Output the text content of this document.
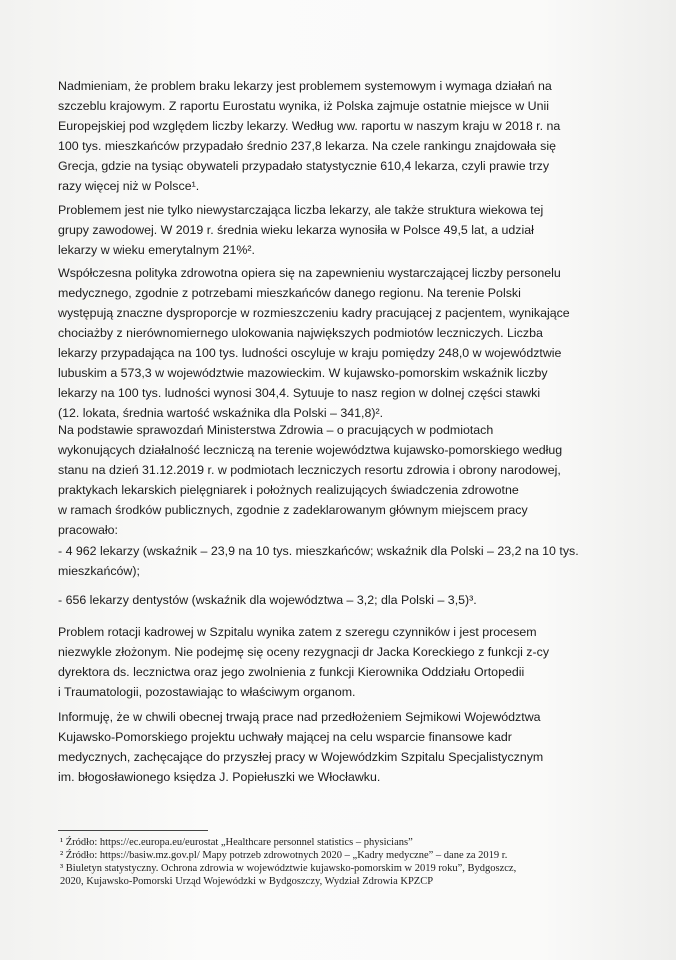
Nadmieniam, że problem braku lekarzy jest problemem systemowym i wymaga działań na
szczeblu krajowym. Z raportu Eurostatu wynika, iż Polska zajmuje ostatnie miejsce w Unii
Europejskiej pod względem liczby lekarzy. Według ww. raportu w naszym kraju w 2018 r. na
100 tys. mieszkańców przypadało średnio 237,8 lekarza. Na czele rankingu znajdowała się
Grecja, gdzie na tysiąc obywateli przypadało statystycznie 610,4 lekarza, czyli prawie trzy
razy więcej niż w Polsce¹.
Problemem jest nie tylko niewystarczająca liczba lekarzy, ale także struktura wiekowa tej
grupy zawodowej. W 2019 r. średnia wieku lekarza wynosiła w Polsce 49,5 lat, a udział
lekarzy w wieku emerytalnym 21%².
Współczesna polityka zdrowotna opiera się na zapewnieniu wystarczającej liczby personelu
medycznego, zgodnie z potrzebami mieszkańców danego regionu. Na terenie Polski
występują znaczne dysproporcje w rozmieszczeniu kadry pracującej z pacjentem, wynikające
chociażby z nierównomiernego ulokowania największych podmiotów leczniczych. Liczba
lekarzy przypadająca na 100 tys. ludności oscyluje w kraju pomiędzy 248,0 w województwie
lubuskim a 573,3 w województwie mazowieckim. W kujawsko-pomorskim wskaźnik liczby
lekarzy na 100 tys. ludności wynosi 304,4. Sytuuje to nasz region w dolnej części stawki
(12. lokata, średnia wartość wskaźnika dla Polski – 341,8)².
Na podstawie sprawozdań Ministerstwa Zdrowia – o pracujących w podmiotach
wykonujących działalność leczniczą na terenie województwa kujawsko-pomorskiego według
stanu na dzień 31.12.2019 r. w podmiotach leczniczych resortu zdrowia i obrony narodowej,
praktykach lekarskich pielęgniarek i położnych realizujących świadczenia zdrowotne
w ramach środków publicznych, zgodnie z zadeklarowanym głównym miejscem pracy
pracowało:
- 4 962 lekarzy (wskaźnik – 23,9 na 10 tys. mieszkańców; wskaźnik dla Polski – 23,2 na 10 tys.
mieszkańców);
- 656 lekarzy dentystów (wskaźnik dla województwa – 3,2; dla Polski – 3,5)³.
Problem rotacji kadrowej w Szpitalu wynika zatem z szeregu czynników i jest procesem
niezwykle złożonym. Nie podejmę się oceny rezygnacji dr Jacka Koreckiego z funkcji z-cy
dyrektora ds. lecznictwa oraz jego zwolnienia z funkcji Kierownika Oddziału Ortopedii
i Traumatologii, pozostawiając to właściwym organom.
Informuję, że w chwili obecnej trwają prace nad przedłożeniem Sejmikowi Województwa
Kujawsko-Pomorskiego projektu uchwały mającej na celu wsparcie finansowe kadr
medycznych, zachęcające do przyszłej pracy w Wojewódzkim Szpitalu Specjalistycznym
im. błogosławionego księdza J. Popiełuszki we Włocławku.
¹ Źródło: https://ec.europa.eu/eurostat „Healthcare personnel statistics – physicians”
² Źródło: https://basiw.mz.gov.pl/ Mapy potrzeb zdrowotnych 2020 – „Kadry medyczne” – dane za 2019 r.
³ Biuletyn statystyczny. Ochrona zdrowia w województwie kujawsko-pomorskim w 2019 roku”, Bydgoszcz,
2020, Kujawsko-Pomorski Urząd Wojewódzki w Bydgoszczy, Wydział Zdrowia KPZCP
